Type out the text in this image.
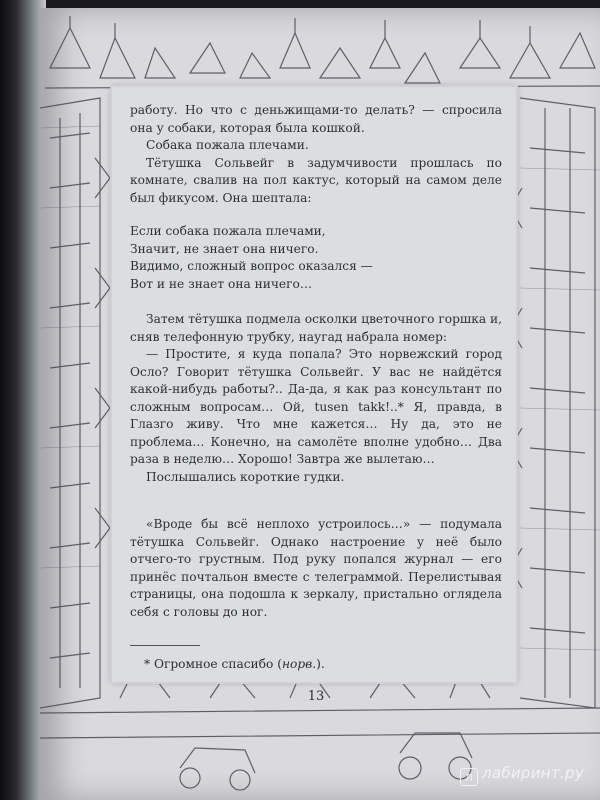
работу. Но что с деньжищами-то делать? — спросила она у собаки, которая была кошкой.

Собака пожала плечами.

Тётушка Сольвейг в задумчивости прошлась по комнате, свалив на пол кактус, который на самом деле был фикусом. Она шептала:

Если собака пожала плечами,
Значит, не знает она ничего.
Видимо, сложный вопрос оказался —
Вот и не знает она ничего…

Затем тётушка подмела осколки цветочного горшка и, сняв телефонную трубку, наугад набрала номер:

— Простите, я куда попала? Это норвежский город Осло? Говорит тётушка Сольвейг. У вас не найдётся какой-нибудь работы?.. Да-да, я как раз консультант по сложным вопросам… Ой, tusen takk!..* Я, правда, в Глазго живу. Что мне кажется… Ну да, это не проблема… Конечно, на самолёте вполне удобно… Два раза в неделю… Хорошо! Завтра же вылетаю…

Послышались короткие гудки.

«Вроде бы всё неплохо устроилось…» — подумала тётушка Сольвейг. Однако настроение у неё было отчего-то грустным. Под руку попался журнал — его принёс почтальон вместе с телеграммой. Перелистывая страницы, она подошла к зеркалу, пристально оглядела себя с головы до ног.

* Огромное спасибо (норв.).

13
л лабиринт.ру
